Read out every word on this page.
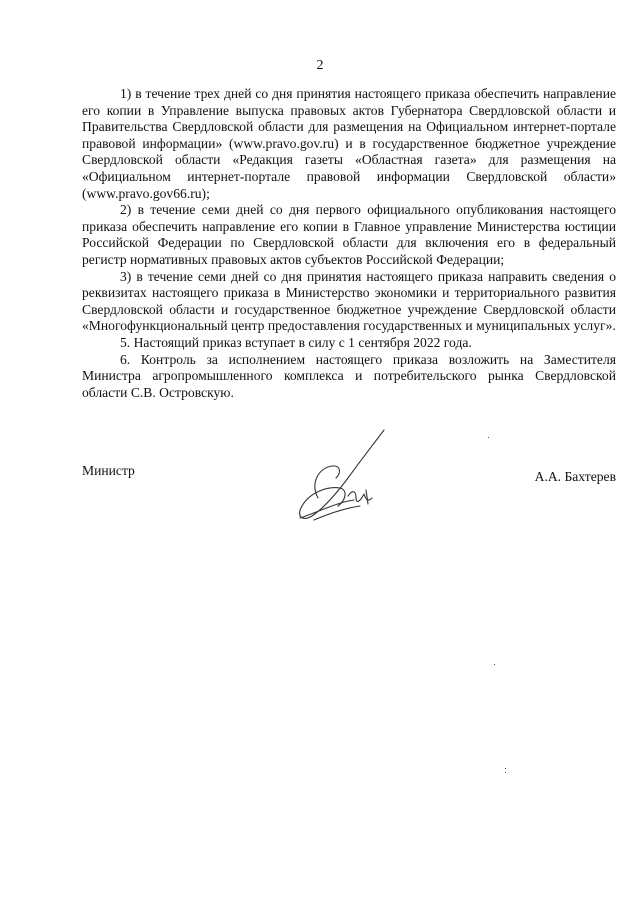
2

1) в течение трех дней со дня принятия настоящего приказа обеспечить направление его копии в Управление выпуска правовых актов Губернатора Свердловской области и Правительства Свердловской области для размещения на Официальном интернет-портале правовой информации» (www.pravo.gov.ru) и в государственное бюджетное учреждение Свердловской области «Редакция газеты «Областная газета» для размещения на «Официальном интернет-портале правовой информации Свердловской области» (www.pravo.gov66.ru);

2) в течение семи дней со дня первого официального опубликования настоящего приказа обеспечить направление его копии в Главное управление Министерства юстиции Российской Федерации по Свердловской области для включения его в федеральный регистр нормативных правовых актов субъектов Российской Федерации;

3) в течение семи дней со дня принятия настоящего приказа направить сведения о реквизитах настоящего приказа в Министерство экономики и территориального развития Свердловской области и государственное бюджетное учреждение Свердловской области «Многофункциональный центр предоставления государственных и муниципальных услуг».

5. Настоящий приказ вступает в силу с 1 сентября 2022 года.

6. Контроль за исполнением настоящего приказа возложить на Заместителя Министра агропромышленного комплекса и потребительского рынка Свердловской области С.В. Островскую.

Министр	А.А. Бахтерев
